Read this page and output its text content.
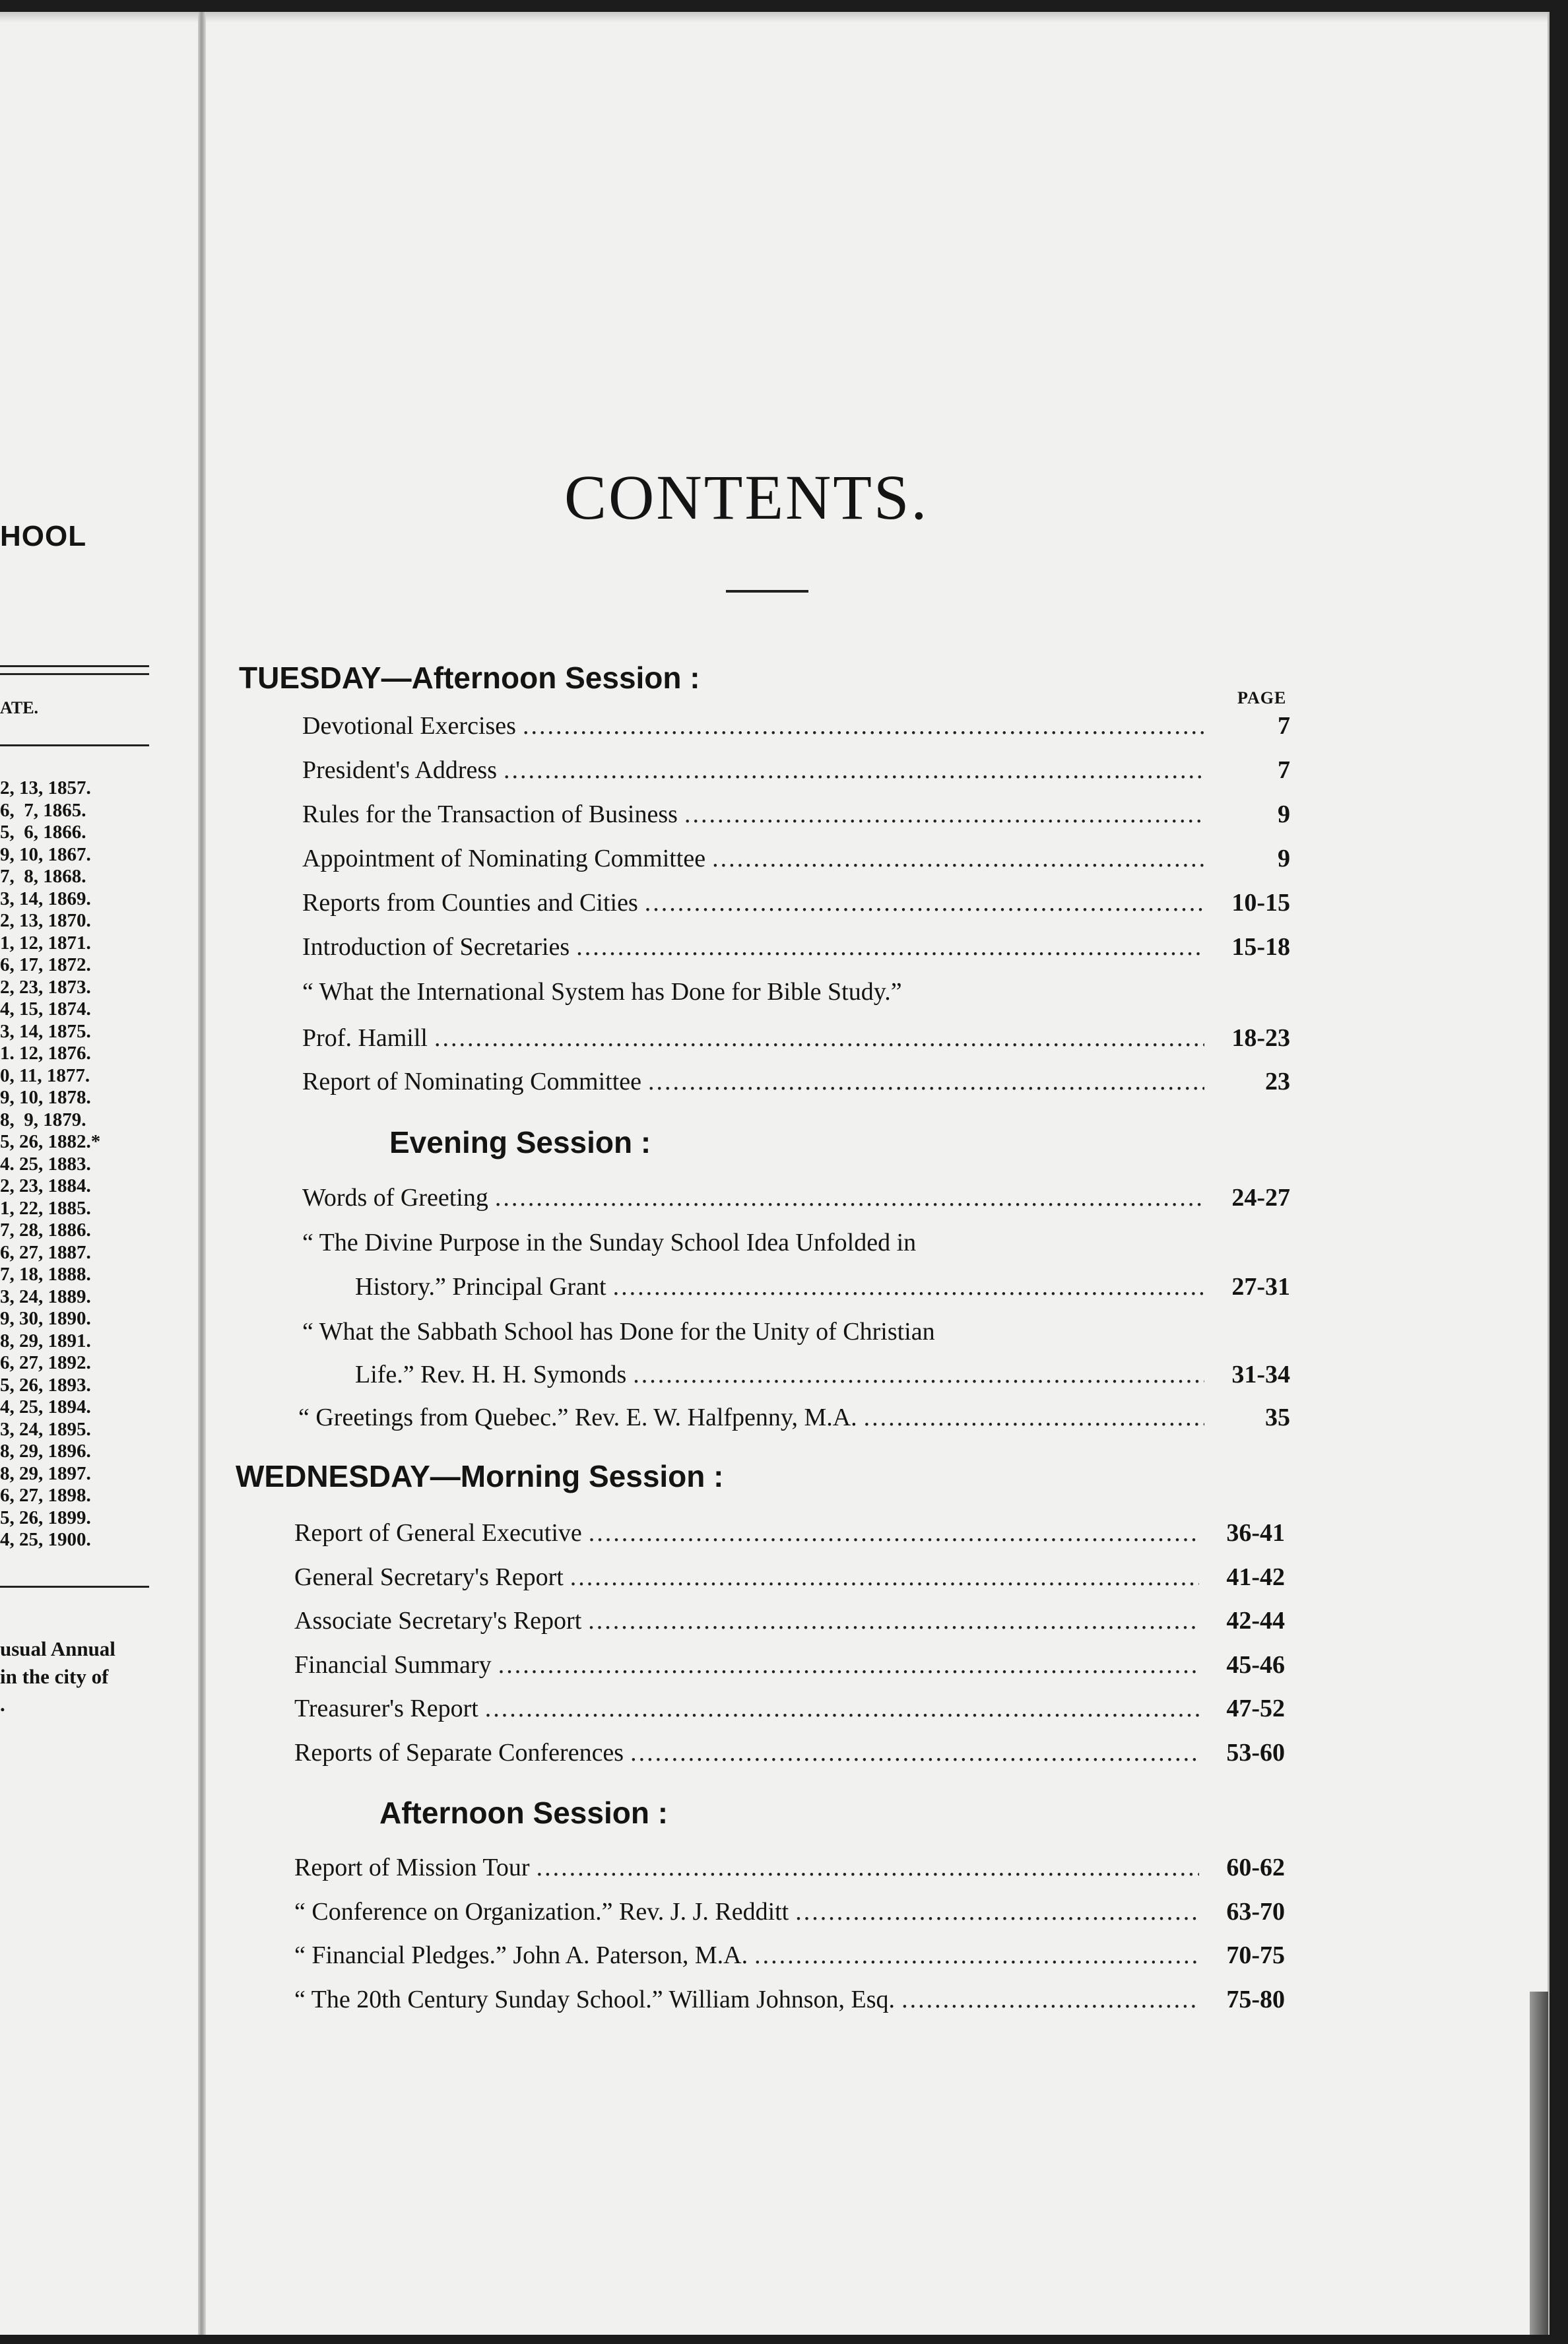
HOOL
ATE.
2, 13, 1857.
6,  7, 1865.
5,  6, 1866.
9, 10, 1867.
7,  8, 1868.
3, 14, 1869.
2, 13, 1870.
1, 12, 1871.
6, 17, 1872.
2, 23, 1873.
4, 15, 1874.
3, 14, 1875.
1. 12, 1876.
0, 11, 1877.
9, 10, 1878.
8,  9, 1879.
5, 26, 1882.*
4. 25, 1883.
2, 23, 1884.
1, 22, 1885.
7, 28, 1886.
6, 27, 1887.
7, 18, 1888.
3, 24, 1889.
9, 30, 1890.
8, 29, 1891.
6, 27, 1892.
5, 26, 1893.
4, 25, 1894.
3, 24, 1895.
8, 29, 1896.
8, 29, 1897.
6, 27, 1898.
5, 26, 1899.
4, 25, 1900.
usual Annual
in the city of
.
CONTENTS.
TUESDAY—Afternoon Session :
PAGE
Devotional Exercises .....	7
President's Address .....	7
Rules for the Transaction of Business .....	9
Appointment of Nominating Committee .....	9
Reports from Counties and Cities .....	10-15
Introduction of Secretaries .....	15-18
“ What the International System has Done for Bible Study.”
Prof. Hamill .....	18-23
Report of Nominating Committee .....	23
Evening Session :
Words of Greeting .....	24-27
“ The Divine Purpose in the Sunday School Idea Unfolded in
History.” Principal Grant .....	27-31
“ What the Sabbath School has Done for the Unity of Christian
Life.” Rev. H. H. Symonds .....	31-34
“ Greetings from Quebec.” Rev. E. W. Halfpenny, M.A. .....	35
WEDNESDAY—Morning Session :
Report of General Executive .....	36-41
General Secretary's Report .....	41-42
Associate Secretary's Report .....	42-44
Financial Summary .....	45-46
Treasurer's Report .....	47-52
Reports of Separate Conferences .....	53-60
Afternoon Session :
Report of Mission Tour .....	60-62
“ Conference on Organization.” Rev. J. J. Redditt .....	63-70
“ Financial Pledges.” John A. Paterson, M.A. .....	70-75
“ The 20th Century Sunday School.” William Johnson, Esq. .....	75-80
